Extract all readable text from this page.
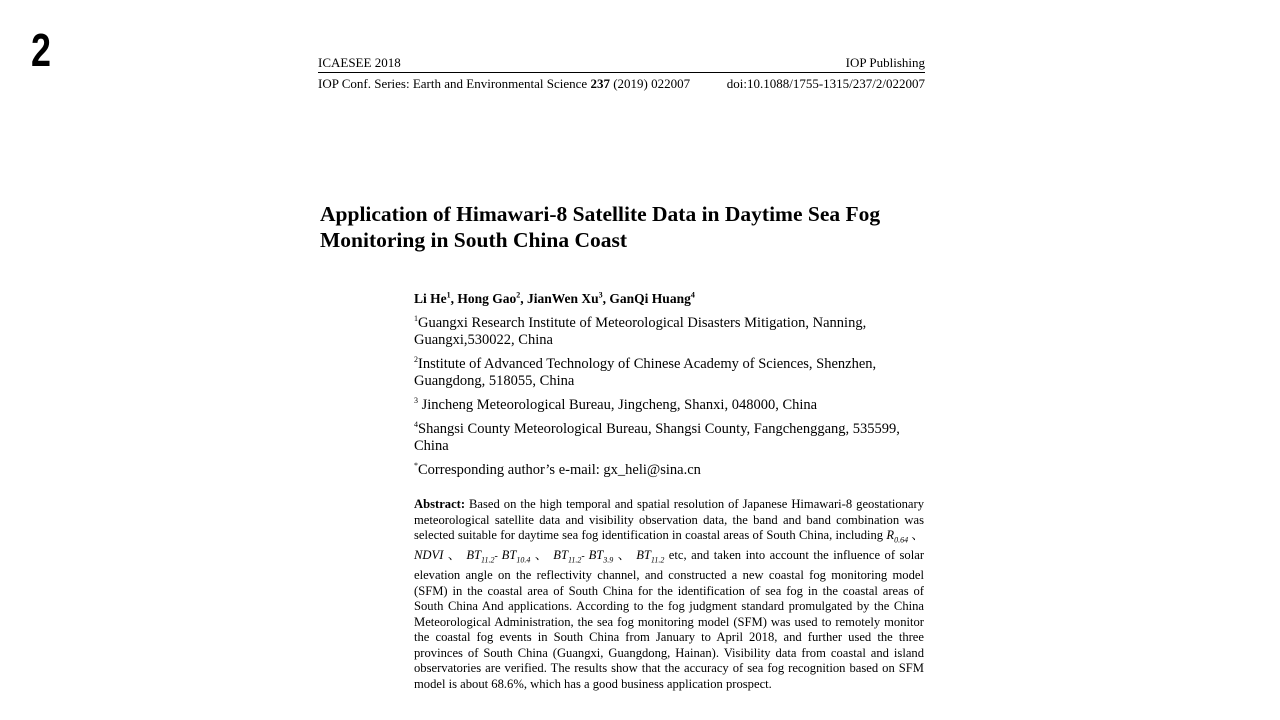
2	ICAESEE 2018	IOP Publishing
IOP Conf. Series: Earth and Environmental Science 237 (2019) 022007	doi:10.1088/1755-1315/237/2/022007
Application of Himawari-8 Satellite Data in Daytime Sea Fog
Monitoring in South China Coast
Li He$^1$, Hong Gao$^2$, JianWen Xu$^3$, GanQi Huang$^4$
$^1$Guangxi Research Institute of Meteorological Disasters Mitigation, Nanning, Guangxi,530022, China
$^2$Institute of Advanced Technology of Chinese Academy of Sciences, Shenzhen, Guangdong, 518055, China
$^3$ Jincheng Meteorological Bureau, Jingcheng, Shanxi, 048000, China
$^4$Shangsi County Meteorological Bureau, Shangsi County, Fangchenggang, 535599, China
*Corresponding author’s e-mail: gx_heli@sina.cn
Abstract: Based on the high temporal and spatial resolution of Japanese Himawari-8 geostationary meteorological satellite data and visibility observation data, the band and band combination was selected suitable for daytime sea fog identification in coastal areas of South China, including $R_{0.64}$ 、 NDVI 、 $BT_{11.2}-$ $BT_{10.4}$ 、 $BT_{11.2}-$ $BT_{3.9}$ 、 $BT_{11.2}$ etc, and taken into account the influence of solar elevation angle on the reflectivity channel, and constructed a new coastal fog monitoring model (SFM) in the coastal area of South China for the identification of sea fog in the coastal areas of South China And applications. According to the fog judgment standard promulgated by the China Meteorological Administration, the sea fog monitoring model (SFM) was used to remotely monitor the coastal fog events in South China from January to April 2018, and further used the three provinces of South China (Guangxi, Guangdong, Hainan). Visibility data from coastal and island observatories are verified. The results show that the accuracy of sea fog recognition based on SFM model is about 68.6%, which has a good business application prospect.
